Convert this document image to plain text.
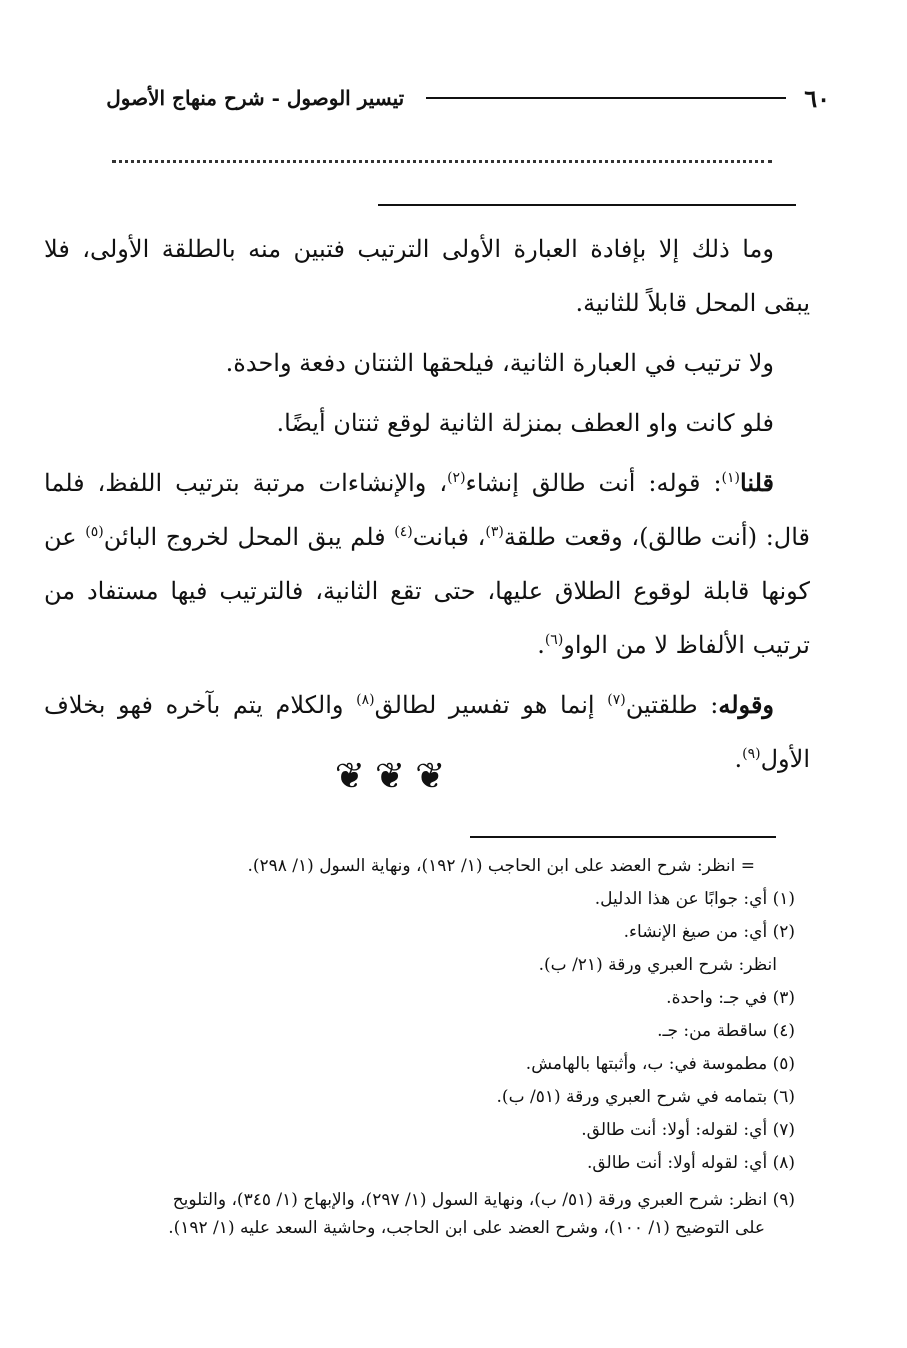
٦٠
تيسير الوصول - شرح منهاج الأصول

وما ذلك إلا بإفادة العبارة الأولى الترتيب فتبين منه بالطلقة الأولى، فلا يبقى المحل قابلاً للثانية.

ولا ترتيب في العبارة الثانية، فيلحقها الثنتان دفعة واحدة.

فلو كانت واو العطف بمنزلة الثانية لوقع ثنتان أيضًا.

قلنا$^{(١)}$: قوله: أنت طالق إنشاء$^{(٢)}$، والإنشاءات مرتبة بترتيب اللفظ، فلما قال: (أنت طالق)، وقعت طلقة$^{(٣)}$، فبانت$^{(٤)}$ فلم يبق المحل لخروج البائن$^{(٥)}$ عن كونها قابلة لوقوع الطلاق عليها، حتى تقع الثانية، فالترتيب فيها مستفاد من ترتيب الألفاظ لا من الواو$^{(٦)}$.

وقوله: طلقتين$^{(٧)}$ إنما هو تفسير لطالق$^{(٨)}$ والكلام يتم بآخره فهو بخلاف الأول$^{(٩)}$.

❦❦❦

= انظر: شرح العضد على ابن الحاجب (١/ ١٩٢)، ونهاية السول (١/ ٢٩٨).

(١) أي: جوابًا عن هذا الدليل.

(٢) أي: من صيغ الإنشاء.

انظر: شرح العبري ورقة (٢١/ ب).

(٣) في جـ: واحدة.

(٤) ساقطة من: جـ.

(٥) مطموسة في: ب، وأثبتها بالهامش.

(٦) بتمامه في شرح العبري ورقة (٥١/ ب).

(٧) أي: لقوله: أولا: أنت طالق.

(٨) أي: لقوله أولا: أنت طالق.

(٩) انظر: شرح العبري ورقة (٥١/ ب)، ونهاية السول (١/ ٢٩٧)، والإبهاج (١/ ٣٤٥)، والتلويح
على التوضيح (١/ ١٠٠)، وشرح العضد على ابن الحاجب، وحاشية السعد عليه (١/ ١٩٢).
